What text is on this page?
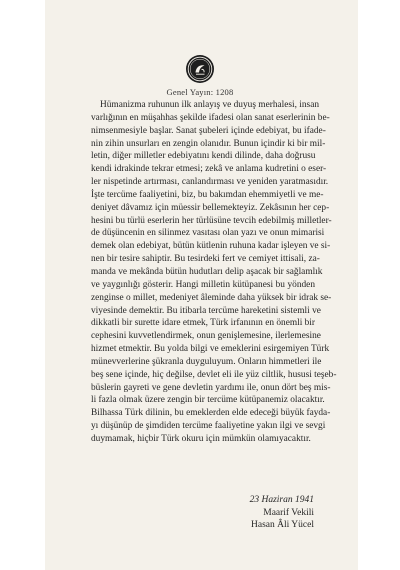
Genel Yayın: 1208
Hümanizma ruhunun ilk anlayış ve duyuş merhalesi, insan
varlığının en müşahhas şekilde ifadesi olan sanat eserlerinin be-
nimsenmesiyle başlar. Sanat şubeleri içinde edebiyat, bu ifade-
nin zihin unsurları en zengin olanıdır. Bunun içindir ki bir mil-
letin, diğer milletler edebiyatını kendi dilinde, daha doğrusu
kendi idrakinde tekrar etmesi; zekâ ve anlama kudretini o eser-
ler nispetinde artırması, canlandırması ve yeniden yaratmasıdır.
İşte tercüme faaliyetini, biz, bu bakımdan ehemmiyetli ve me-
deniyet dâvamız için müessir bellemekteyiz. Zekâsının her cep-
hesini bu türlü eserlerin her türlüsüne tevcih edebilmiş milletler-
de düşüncenin en silinmez vasıtası olan yazı ve onun mimarisi
demek olan edebiyat, bütün kütlenin ruhuna kadar işleyen ve si-
nen bir tesire sahiptir. Bu tesirdeki fert ve cemiyet ittisali, za-
manda ve mekânda bütün hudutları delip aşacak bir sağlamlık
ve yaygınlığı gösterir. Hangi milletin kütüpanesi bu yönden
zenginse o millet, medeniyet âleminde daha yüksek bir idrak se-
viyesinde demektir. Bu itibarla tercüme hareketini sistemli ve
dikkatli bir surette idare etmek, Türk irfanının en önemli bir
cephesini kuvvetlendirmek, onun genişlemesine, ilerlemesine
hizmet etmektir. Bu yolda bilgi ve emeklerini esirgemiyen Türk
münevverlerine şükranla duyguluyum. Onların himmetleri ile
beş sene içinde, hiç değilse, devlet eli ile yüz ciltlik, hususi teşeb-
büslerin gayreti ve gene devletin yardımı ile, onun dört beş mis-
li fazla olmak üzere zengin bir tercüme kütüpanemiz olacaktır.
Bilhassa Türk dilinin, bu emeklerden elde edeceği büyük fayda-
yı düşünüp de şimdiden tercüme faaliyetine yakın ilgi ve sevgi
duymamak, hiçbir Türk okuru için mümkün olamıyacaktır.
23 Haziran 1941
Maarif Vekili
Hasan Âli Yücel
